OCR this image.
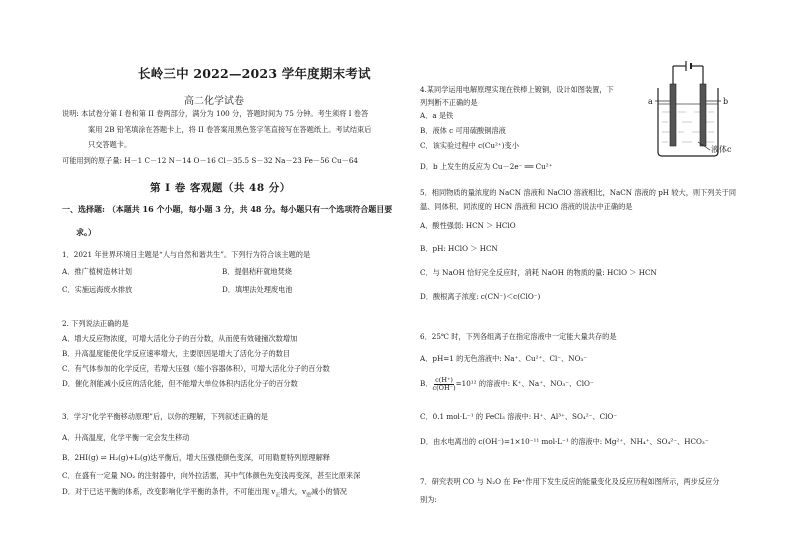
长岭三中 2022—2023 学年度期末考试
高二化学试卷
说明: 本试卷分第 I 卷和第 II 卷两部分，满分为 100 分，答题时间为 75 分钟。考生须将 I 卷答
案用 2B 铅笔填涂在答题卡上，将 II 卷答案用黑色签字笔直接写在答题纸上。考试结束后
只交答题卡。
可能用到的原子量: H－1 C－12 N－14 O－16 Cl－35.5 S－32 Na－23 Fe－56 Cu－64
第 I 卷 客观题（共 48 分）
一、选择题: （本题共 16 个小题，每小题 3 分，共 48 分。每小题只有一个选项符合题目要
求。）
1．2021 年世界环境日主题是“人与自然和谐共生”。下列行为符合该主题的是
A．推广植树造林计划	B．提倡秸秆就地焚烧
C．实施远海废水排放	D．填埋法处理废电池
2. 下列说法正确的是
A．增大反应物浓度，可增大活化分子的百分数，从而使有效碰撞次数增加
B．升高温度能使化学反应速率增大，主要原因是增大了活化分子的数目
C．有气体参加的化学反应，若增大压强（缩小容器体积），可增大活化分子的百分数
D．催化剂能减小反应的活化能，但不能增大单位体积内活化分子的百分数
3．学习“化学平衡移动原理”后，以你的理解，下列叙述正确的是
A．升高温度，化学平衡一定会发生移动
B．2HI(g) ⇌ H₂(g)+I₂(g)达平衡后，增大压强使颜色变深，可用勒夏特列原理解释
C．在盛有一定量 NO₂ 的注射器中，向外拉活塞，其中气体颜色先变浅再变深，甚至比原来深
D．对于已达平衡的体系，改变影响化学平衡的条件，不可能出现 $v_正$增大，$v_逆$减小的情况
4.某同学运用电解原理实现在铁棒上镀铜，设计如图装置，下
列判断不正确的是
A．a 是铁
B．液体 c 可用硫酸铜溶液
C．该实验过程中 c(Cu²⁺)变小
D．b 上发生的反应为 Cu－2e⁻ ══ Cu²⁺
a	b
液体c
5．相同物质的量浓度的 NaCN 溶液和 NaClO 溶液相比，NaCN 溶液的 pH 较大，则下列关于同
温、同体积、同浓度的 HCN 溶液和 HClO 溶液的说法中正确的是
A．酸性强弱: HCN ＞ HClO
B．pH: HClO ＞ HCN
C．与 NaOH 恰好完全反应时，消耗 NaOH 的物质的量: HClO ＞ HCN
D．酸根离子浓度: c(CN⁻)＜c(ClO⁻)
6．25℃ 时，下列各组离子在指定溶液中一定能大量共存的是
A．pH=1 的无色溶液中: Na⁺、Cu²⁺、Cl⁻、NO₃⁻
B． $\frac{c(H^+)}{c(OH^-)} =10^{12}$ 的溶液中: K⁺、Na⁺、NO₃⁻、ClO⁻
C．0.1 mol·L⁻¹ 的 FeCl₃ 溶液中: H⁺、Al³⁺、SO₄²⁻、ClO⁻
D．由水电离出的 c(OH⁻)=1×10⁻¹¹ mol·L⁻¹ 的溶液中: Mg²⁺、NH₄⁺、SO₄²⁻、HCO₃⁻
7．研究表明 CO 与 N₂O 在 Fe⁺作用下发生反应的能量变化及反应历程如图所示，两步反应分
别为:
